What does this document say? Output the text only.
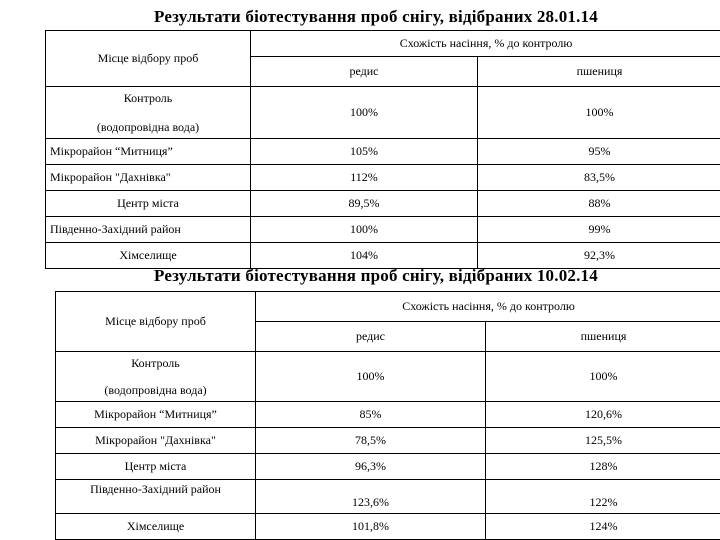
Результати біотестування проб снігу, відібраних 28.01.14
Місце відбору проб	Схожість насіння, % до контролю	
	редис	пшениця

Контроль
(водопровідна вода)	100%	100%
Мікрорайон “Митниця”	105%	95%
Мікрорайон "Дахнівка"	112%	83,5%
Центр міста	89,5%	88%
Південно-Західний район	100%	99%
Хімселище	104%	92,3%
Результати біотестування проб снігу, відібраних 10.02.14
Місце відбору проб	Схожість насіння, % до контролю	
	редис	пшениця

Контроль
(водопровідна вода)	100%	100%
Мікрорайон “Митниця”	85%	120,6%
Мікрорайон "Дахнівка"	78,5%	125,5%
Центр міста	96,3%	128%
Південно-Західний район	123,6%	122%
Хімселище	101,8%	124%
